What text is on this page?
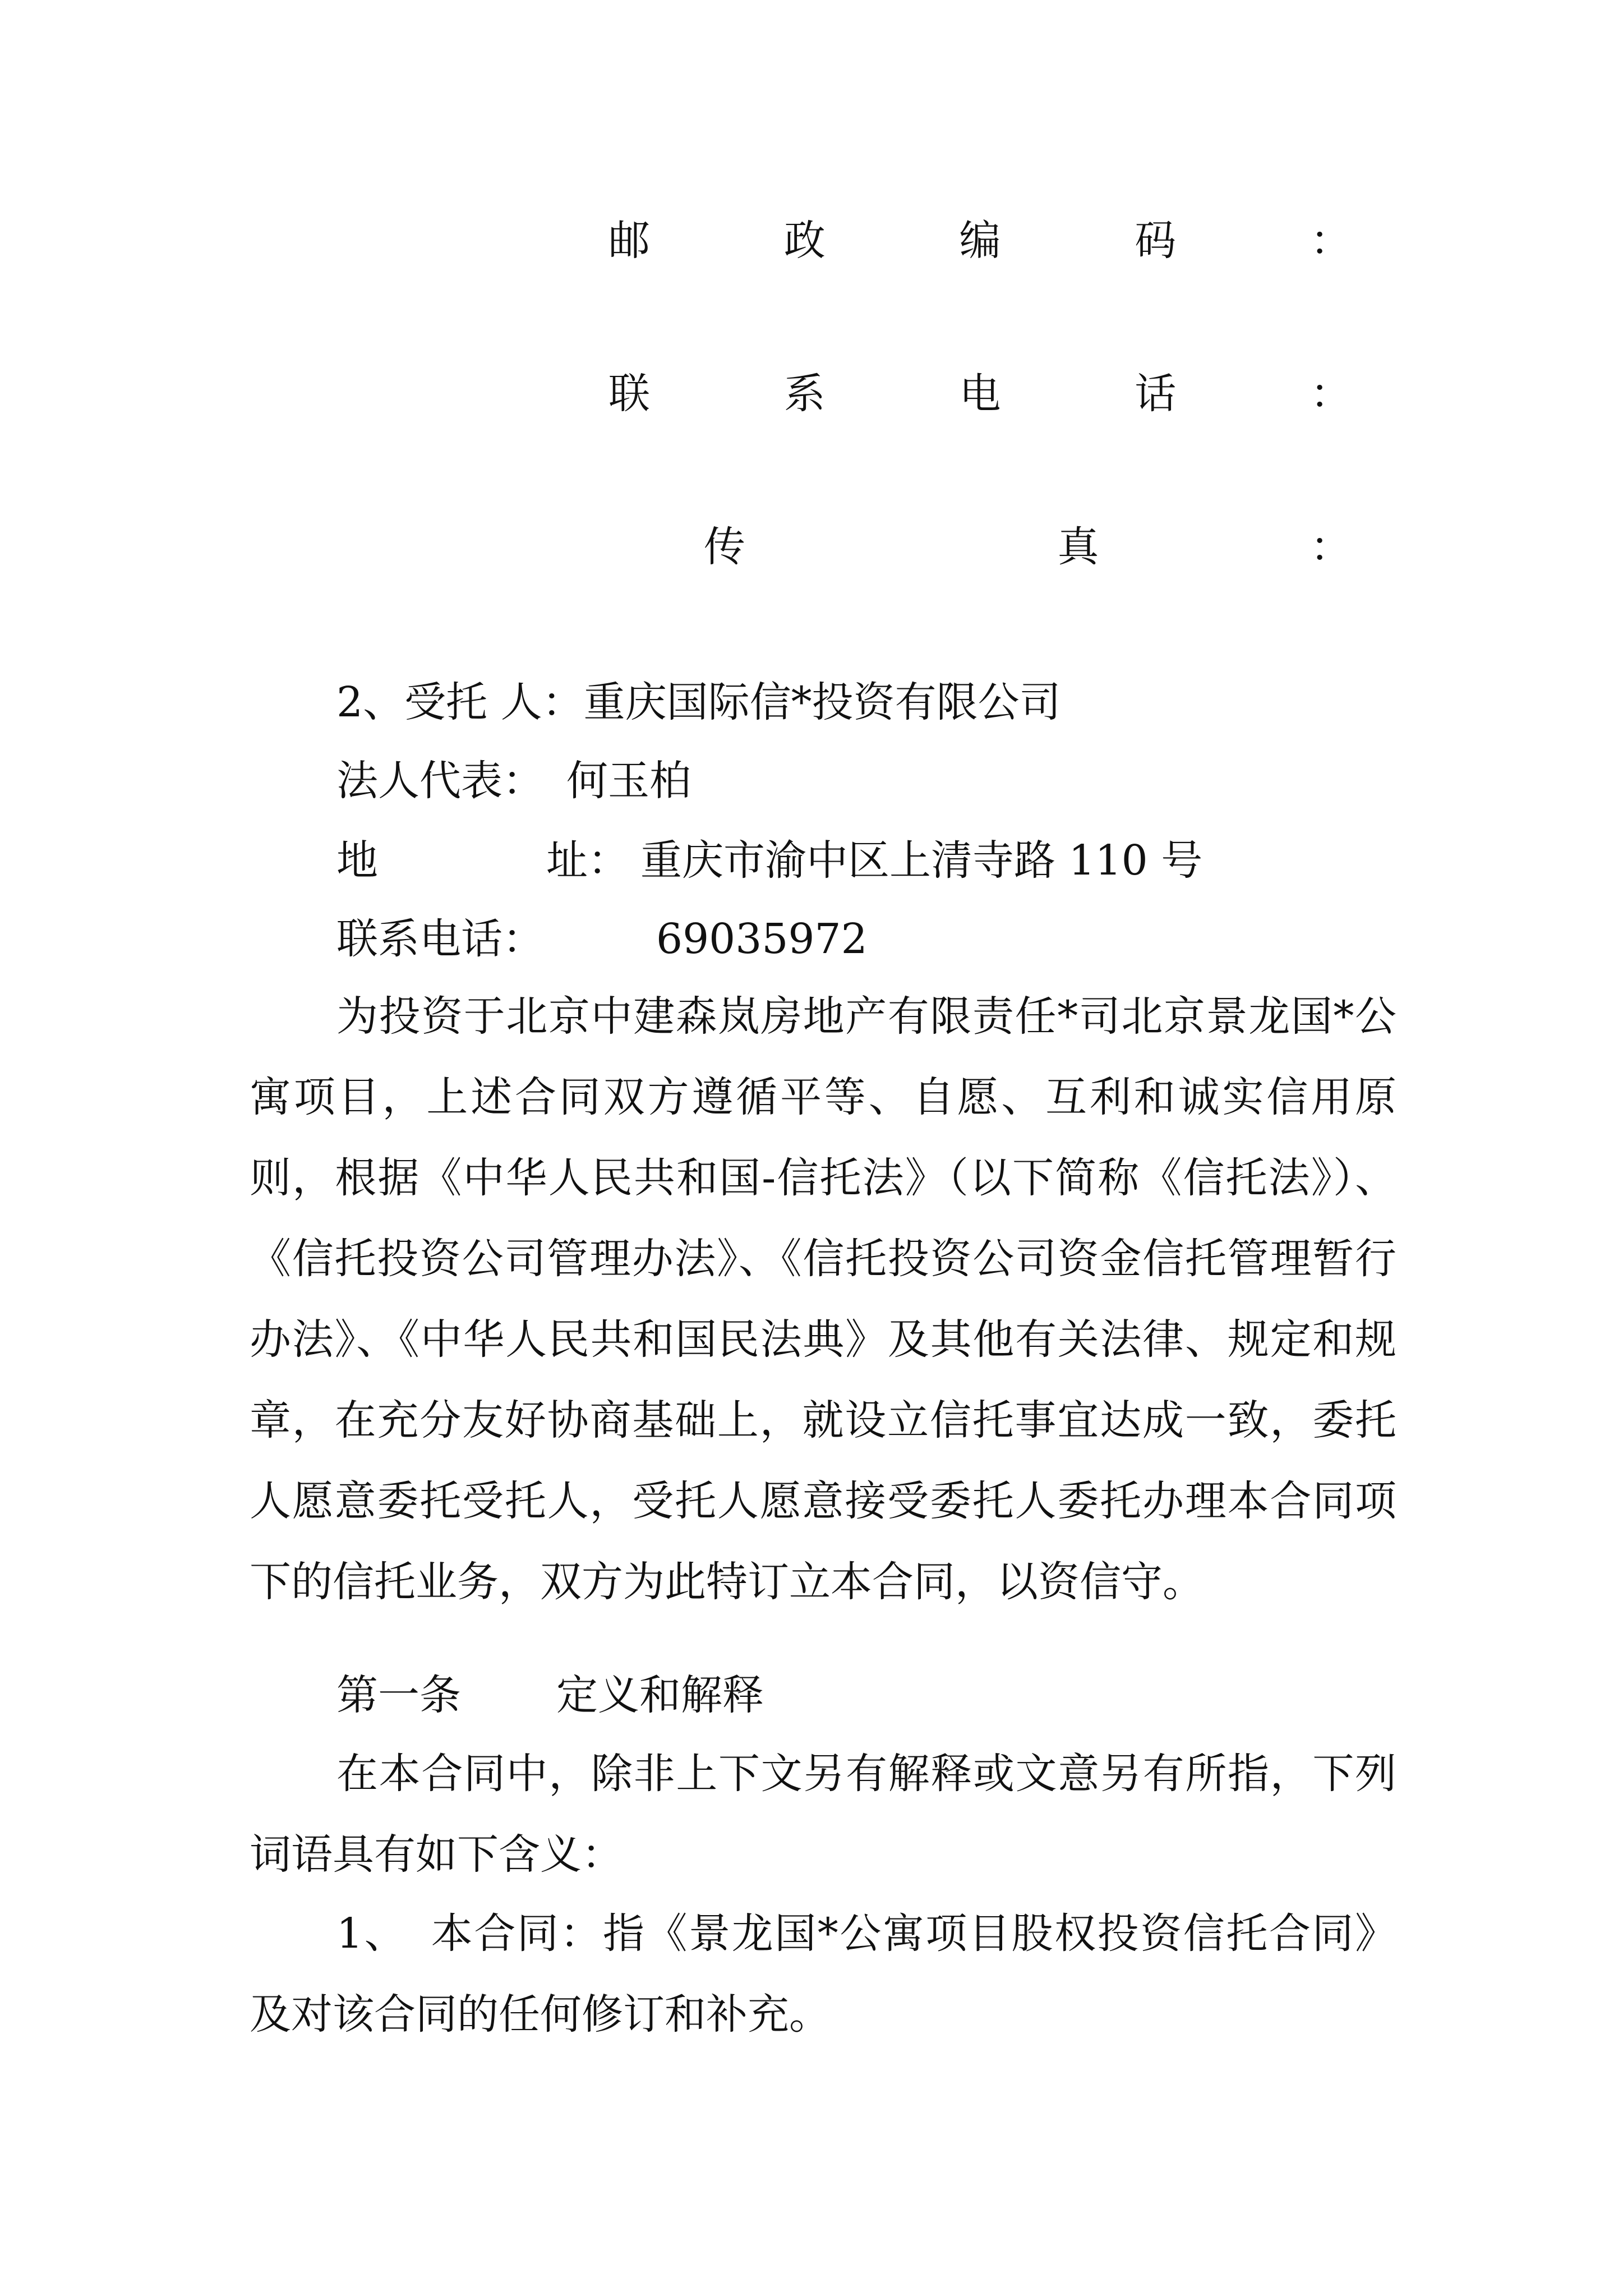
邮	政	编	码	：
联	系	电	话	：
传	真	：
2、受托 人：重庆国际信*投资有限公司
法人代表： 何玉柏
地	址： 重庆市渝中区上清寺路 110 号
联系电话：	69035972

为投资于北京中建森岚房地产有限责任*司北京景龙国*公寓项目，上述合同双方遵循平等、自愿、互利和诚实信用原则，根据《中华人民共和国-信托法》（以下简称《信托法》）、《信托投资公司管理办法》、《信托投资公司资金信托管理暂行办法》、《中华人民共和国民法典》及其他有关法律、规定和规章，在充分友好协商基础上，就设立信托事宜达成一致，委托人愿意委托受托人，受托人愿意接受委托人委托办理本合同项下的信托业务，双方为此特订立本合同，以资信守。

第一条 定义和解释

在本合同中，除非上下文另有解释或文意另有所指，下列词语具有如下含义：

1、 本合同：指《景龙国*公寓项目股权投资信托合同》及对该合同的任何修订和补充。
